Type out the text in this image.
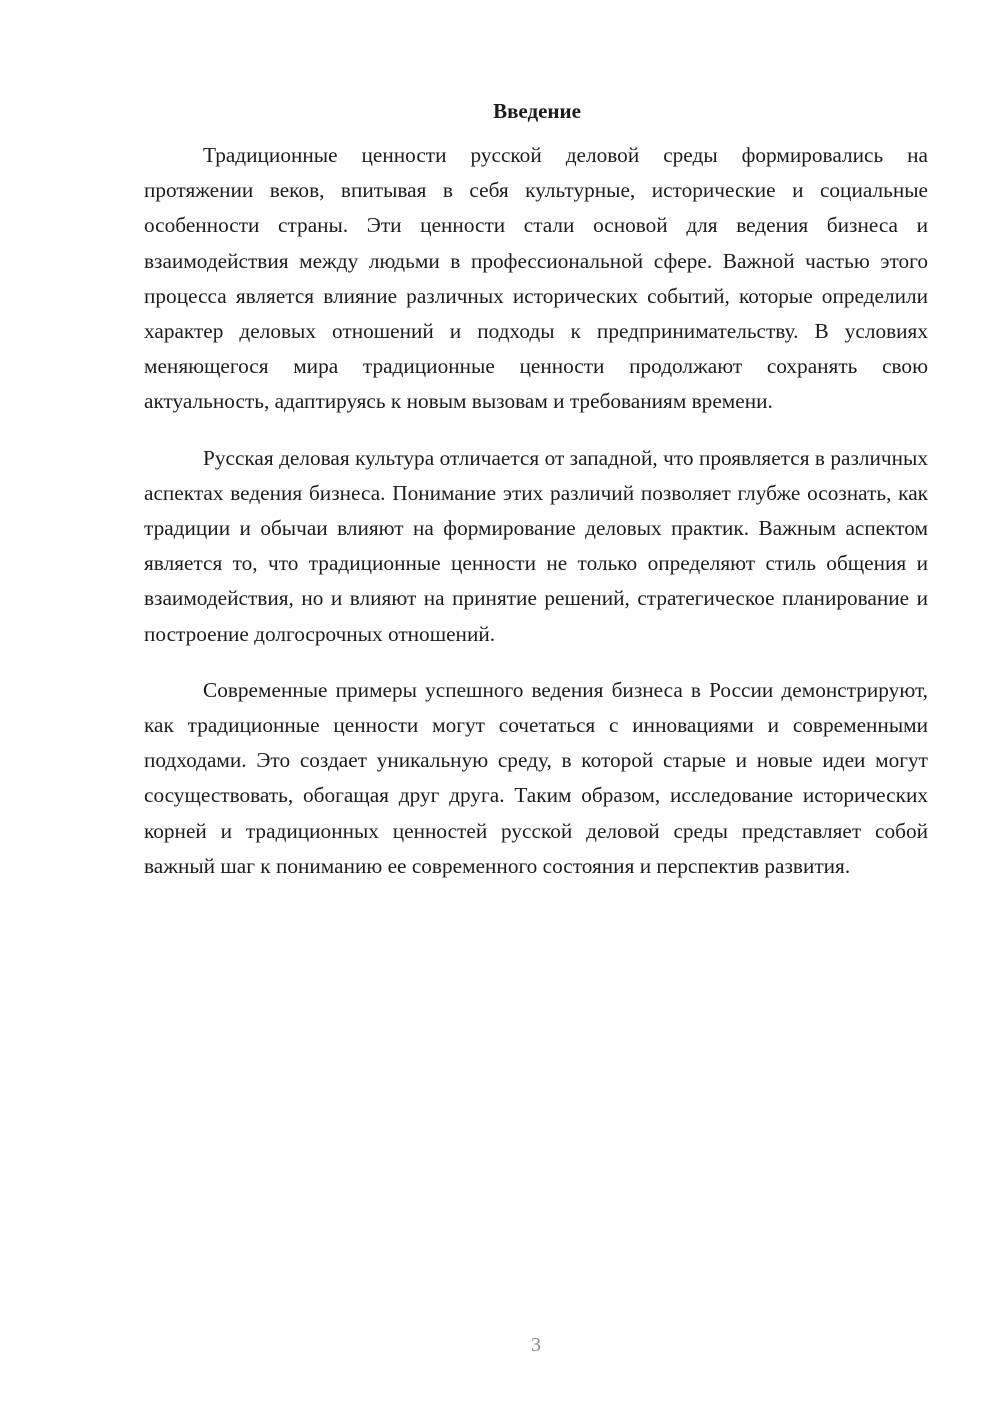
Введение

Традиционные ценности русской деловой среды формировались на протяжении веков, впитывая в себя культурные, исторические и социальные особенности страны. Эти ценности стали основой для ведения бизнеса и взаимодействия между людьми в профессиональной сфере. Важной частью этого процесса является влияние различных исторических событий, которые определили характер деловых отношений и подходы к предпринимательству. В условиях меняющегося мира традиционные ценности продолжают сохранять свою актуальность, адаптируясь к новым вызовам и требованиям времени.

Русская деловая культура отличается от западной, что проявляется в различных аспектах ведения бизнеса. Понимание этих различий позволяет глубже осознать, как традиции и обычаи влияют на формирование деловых практик. Важным аспектом является то, что традиционные ценности не только определяют стиль общения и взаимодействия, но и влияют на принятие решений, стратегическое планирование и построение долгосрочных отношений.

Современные примеры успешного ведения бизнеса в России демонстрируют, как традиционные ценности могут сочетаться с инновациями и современными подходами. Это создает уникальную среду, в которой старые и новые идеи могут сосуществовать, обогащая друг друга. Таким образом, исследование исторических корней и традиционных ценностей русской деловой среды представляет собой важный шаг к пониманию ее современного состояния и перспектив развития.

3
